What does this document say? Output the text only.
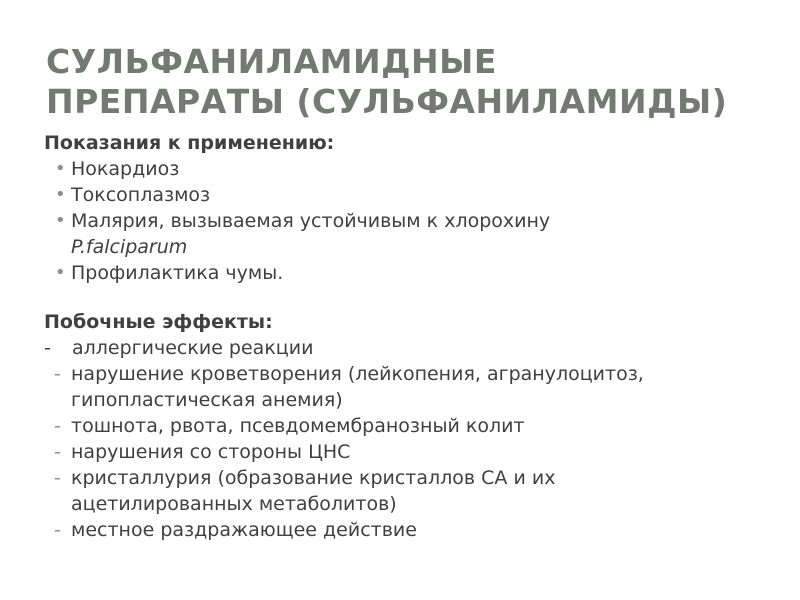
СУЛЬФАНИЛАМИДНЫЕ
ПРЕПАРАТЫ (СУЛЬФАНИЛАМИДЫ)
Показания к применению:
• Нокардиоз
• Токсоплазмоз
• Малярия, вызываемая устойчивым к хлорохину
P.falciparum
• Профилактика чумы.
Побочные эффекты:
- аллергические реакции
- нарушение кроветворения (лейкопения, агранулоцитоз,
гипопластическая анемия)
- тошнота, рвота, псевдомембранозный колит
- нарушения со стороны ЦНС
- кристаллурия (образование кристаллов СА и их
ацетилированных метаболитов)
- местное раздражающее действие
